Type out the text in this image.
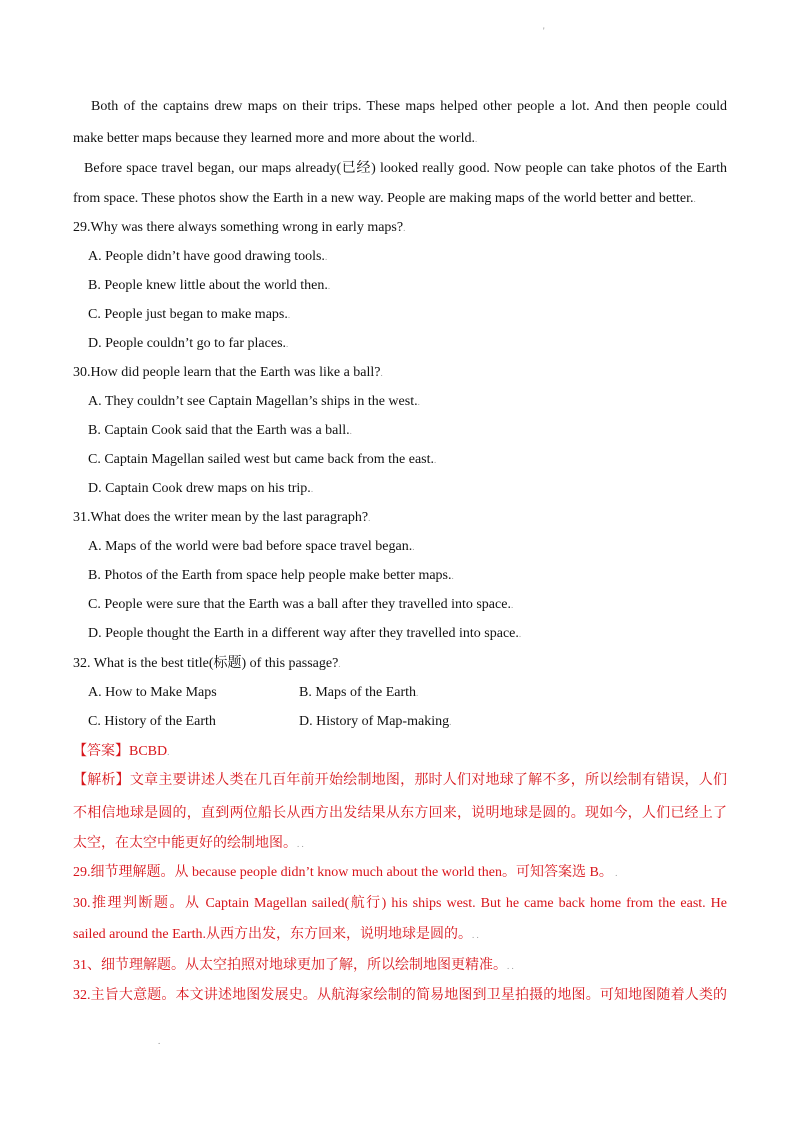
'
Both of the captains drew maps on their trips. These maps helped other people a lot. And then people could
make better maps because they learned more and more about the world..
Before space travel began, our maps already(已经) looked really good. Now people can take photos of the Earth
from space. These photos show the Earth in a new way. People are making maps of the world better and better..
29.Why was there always something wrong in early maps?.
A. People didn’t have good drawing tools..
B. People knew little about the world then..
C. People just began to make maps..
D. People couldn’t go to far places..
30.How did people learn that the Earth was like a ball?.
A. They couldn’t see Captain Magellan’s ships in the west..
B. Captain Cook said that the Earth was a ball..
C. Captain Magellan sailed west but came back from the east..
D. Captain Cook drew maps on his trip..
31.What does the writer mean by the last paragraph?.
A. Maps of the world were bad before space travel began..
B. Photos of the Earth from space help people make better maps..
C. People were sure that the Earth was a ball after they travelled into space..
D. People thought the Earth in a different way after they travelled into space..
32. What is the best title(标题) of this passage?.
A. How to Make Maps	B. Maps of the Earth.
C. History of the Earth	D. History of Map-making.
【答案】BCBD.
【解析】文章主要讲述人类在几百年前开始绘制地图，那时人们对地球了解不多，所以绘制有错误，人们
不相信地球是圆的，直到两位船长从西方出发结果从东方回来，说明地球是圆的。现如今，人们已经上了
太空，在太空中能更好的绘制地图。. .
29.细节理解题。从 because people didn’t know much about the world then。可知答案选 B。 .
30.推理判断题。从 Captain Magellan sailed(航行) his ships west. But he came back home from the east. He
sailed around the Earth.从西方出发，东方回来，说明地球是圆的。. .
31、细节理解题。从太空拍照对地球更加了解，所以绘制地图更精准。. .
32.主旨大意题。本文讲述地图发展史。从航海家绘制的简易地图到卫星拍摄的地图。可知地图随着人类的
.
